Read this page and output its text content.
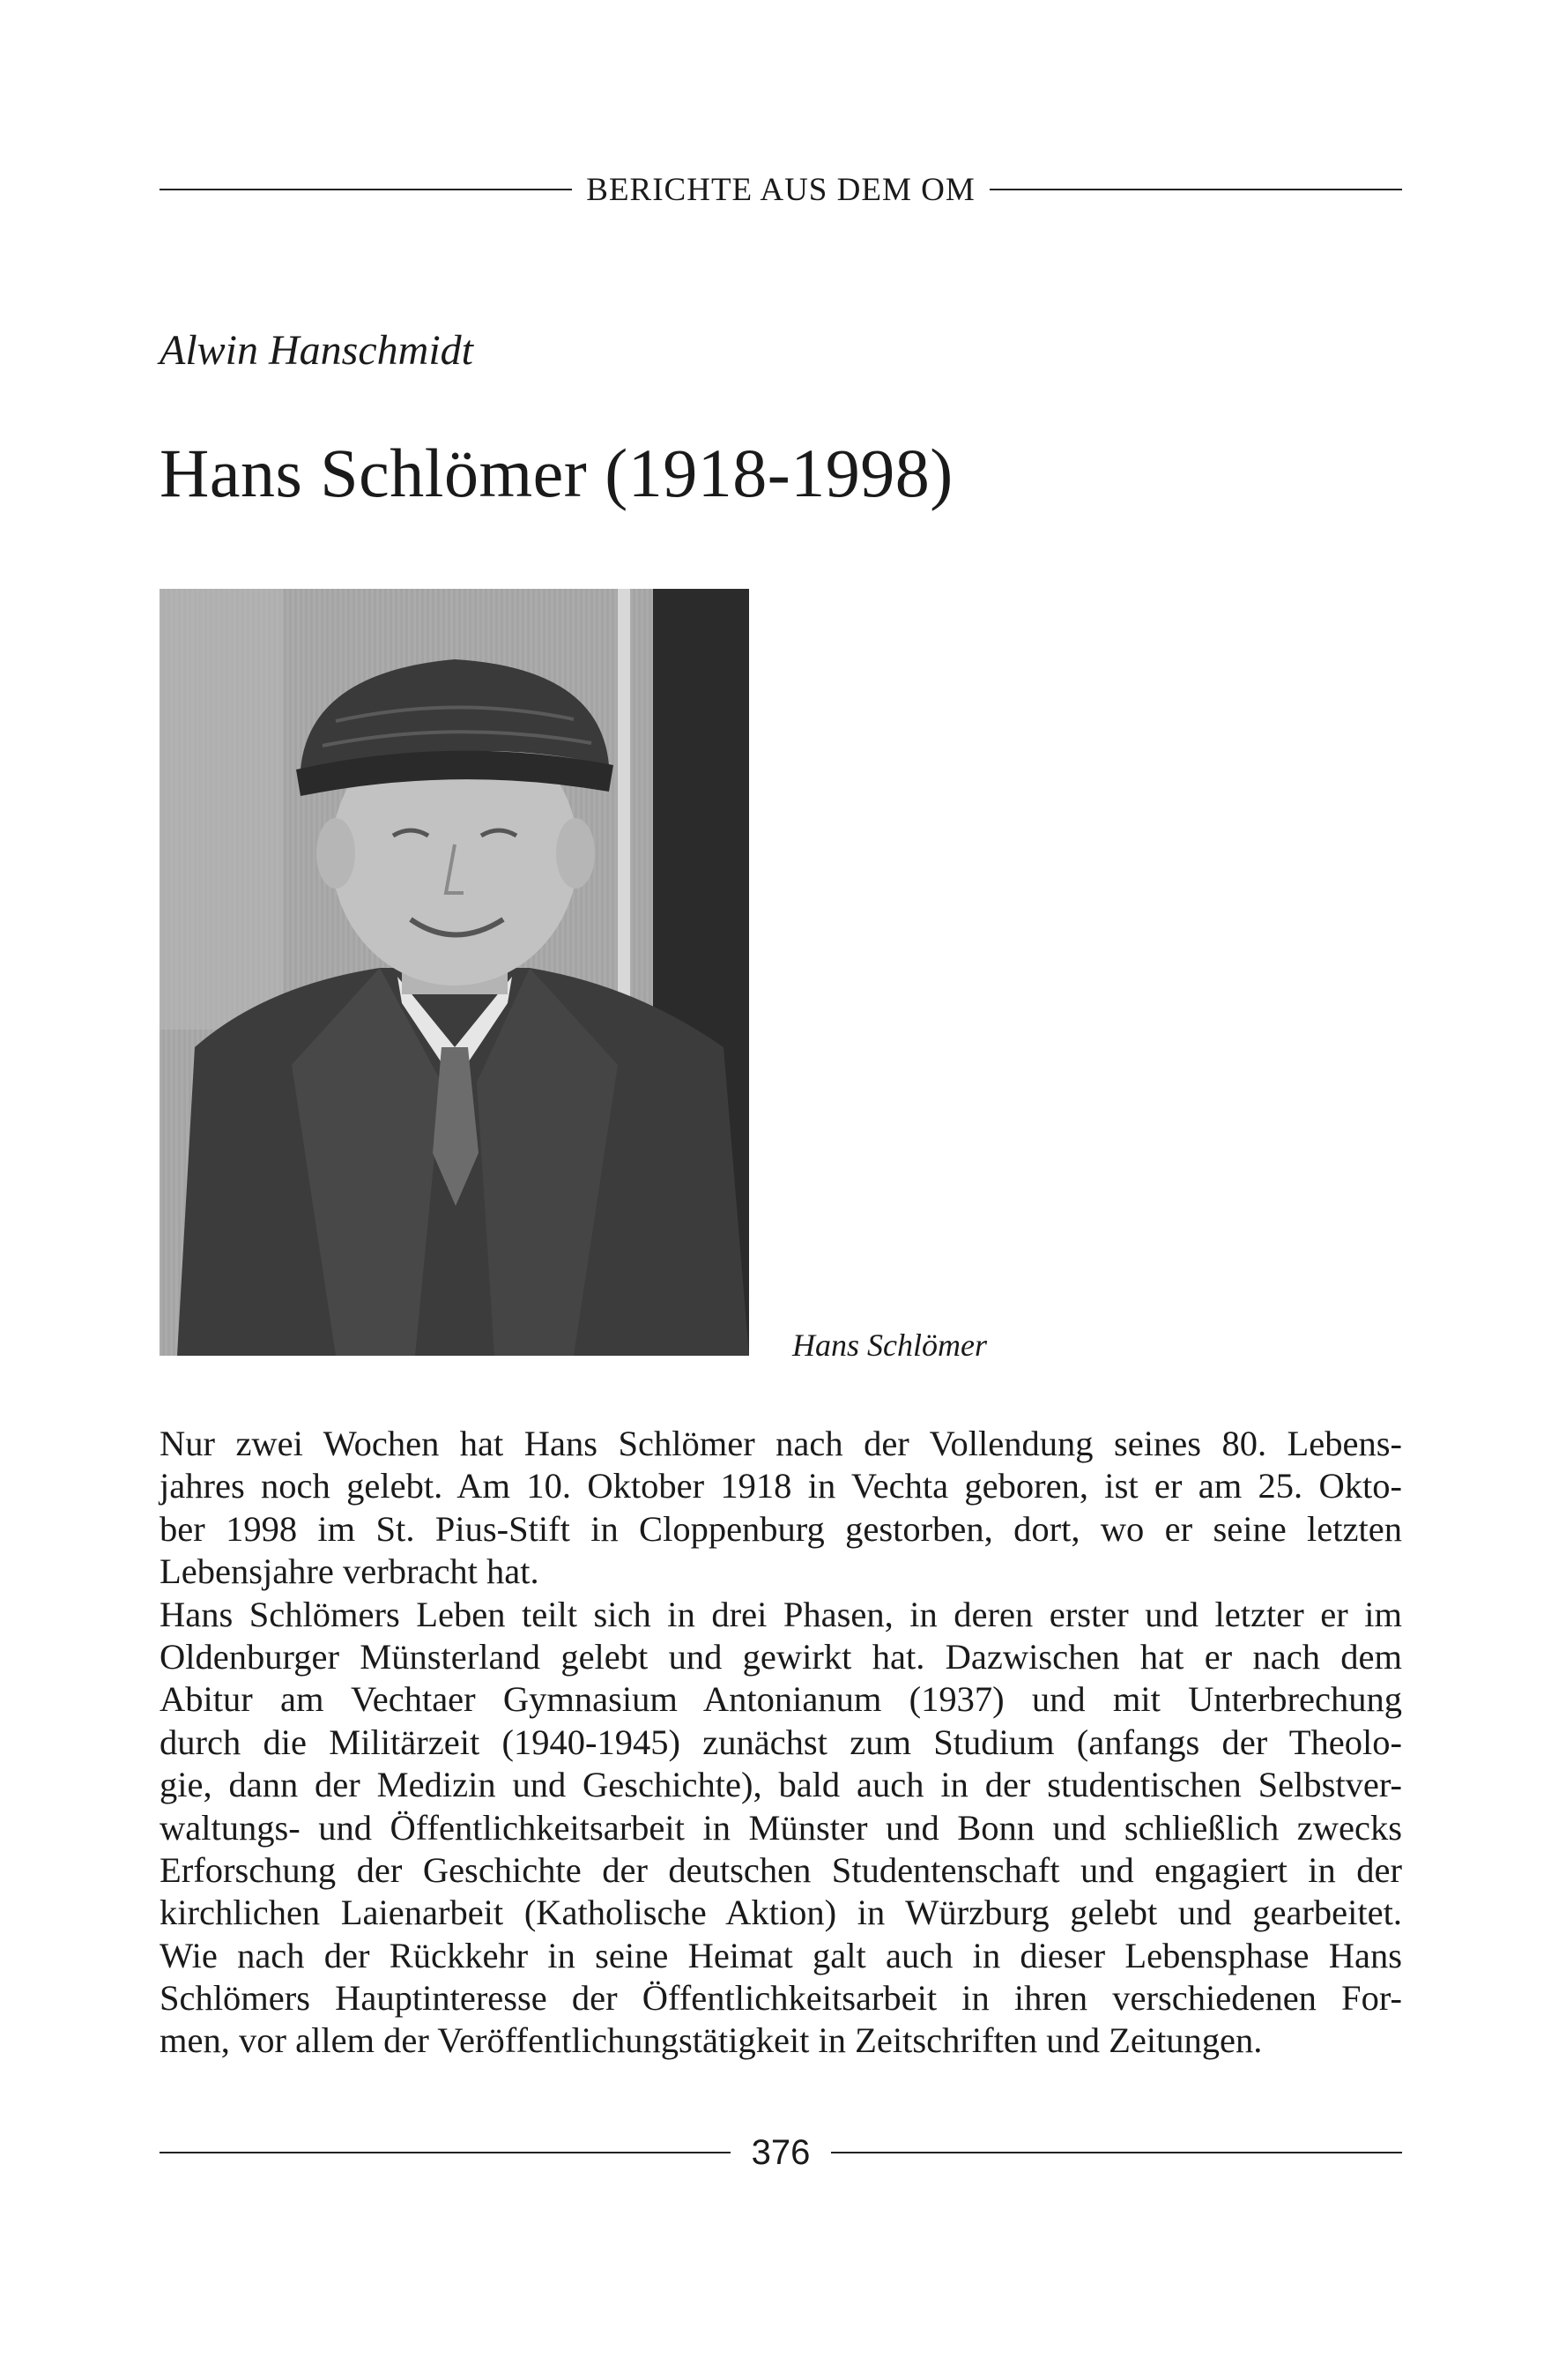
BERICHTE AUS DEM OM
Alwin Hanschmidt
Hans Schlömer (1918-1998)
Hans Schlömer
Nur zwei Wochen hat Hans Schlömer nach der Vollendung seines 80. Lebens-
jahres noch gelebt. Am 10. Oktober 1918 in Vechta geboren, ist er am 25. Okto-
ber 1998 im St. Pius-Stift in Cloppenburg gestorben, dort, wo er seine letzten
Lebensjahre verbracht hat.
Hans Schlömers Leben teilt sich in drei Phasen, in deren erster und letzter er im
Oldenburger Münsterland gelebt und gewirkt hat. Dazwischen hat er nach dem
Abitur am Vechtaer Gymnasium Antonianum (1937) und mit Unterbrechung
durch die Militärzeit (1940-1945) zunächst zum Studium (anfangs der Theolo-
gie, dann der Medizin und Geschichte), bald auch in der studentischen Selbstver-
waltungs- und Öffentlichkeitsarbeit in Münster und Bonn und schließlich zwecks
Erforschung der Geschichte der deutschen Studentenschaft und engagiert in der
kirchlichen Laienarbeit (Katholische Aktion) in Würzburg gelebt und gearbeitet.
Wie nach der Rückkehr in seine Heimat galt auch in dieser Lebensphase Hans
Schlömers Hauptinteresse der Öffentlichkeitsarbeit in ihren verschiedenen For-
men, vor allem der Veröffentlichungstätigkeit in Zeitschriften und Zeitungen.
376
